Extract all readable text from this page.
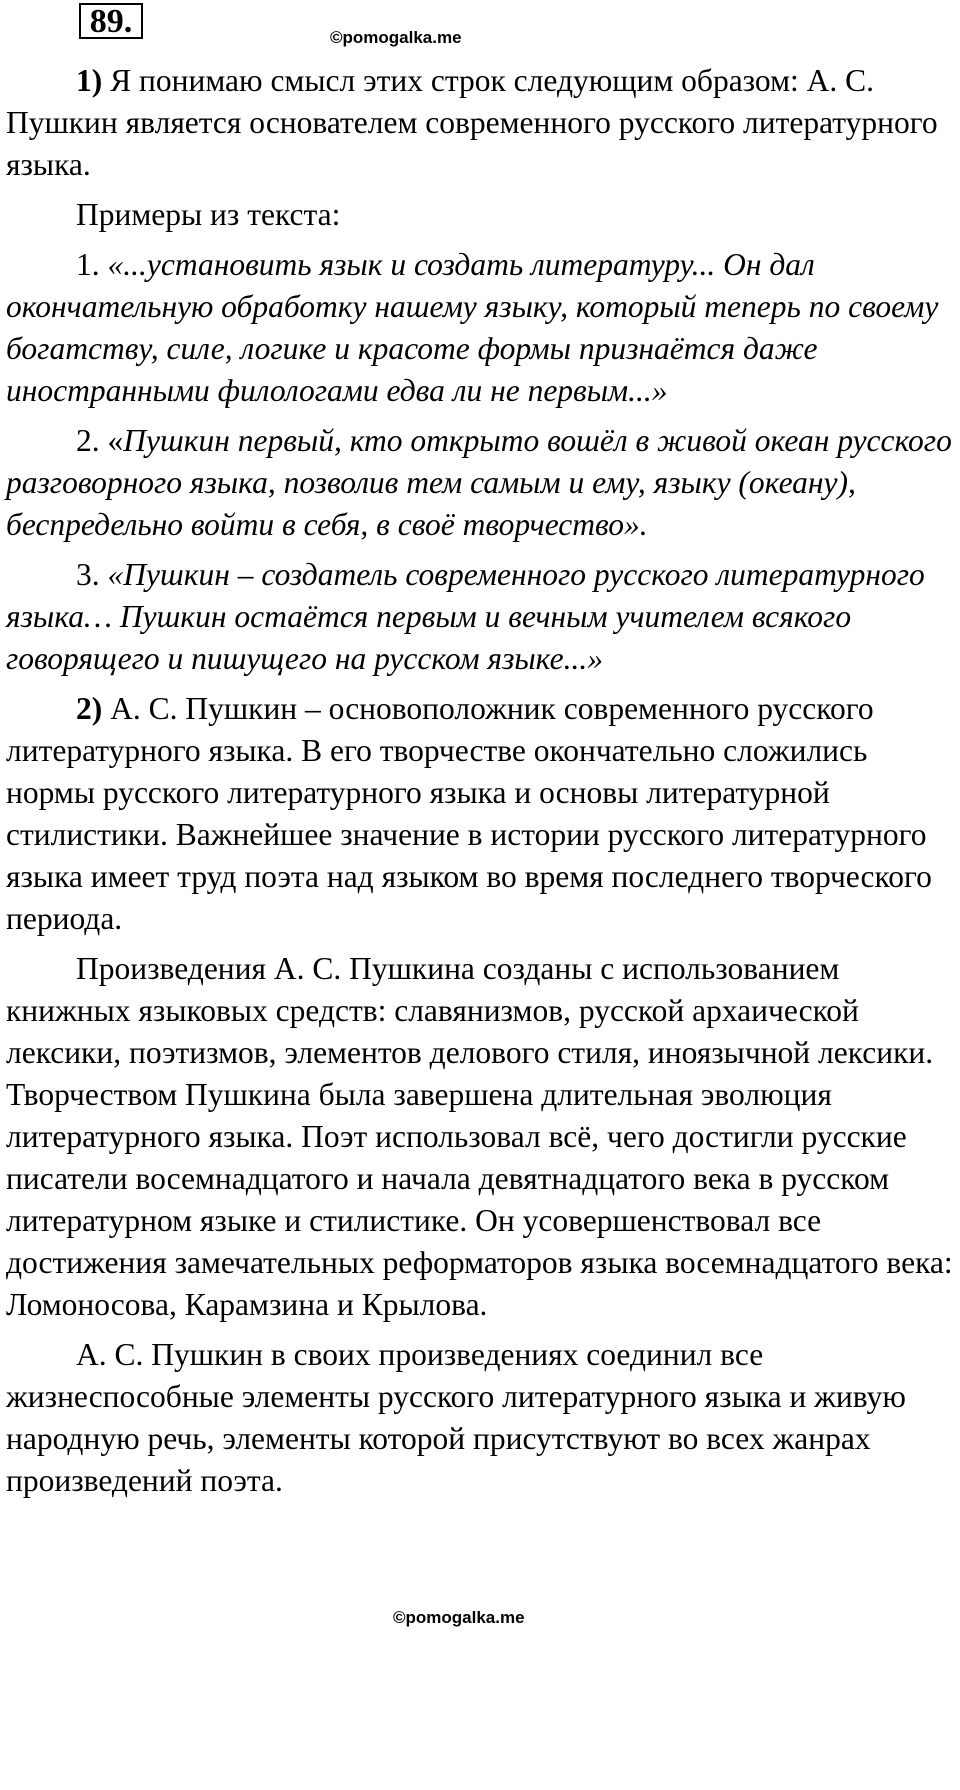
89.	©pomogalka.me

1) Я понимаю смысл этих строк следующим образом: А. С. Пушкин является основателем современного русского литературного языка.

Примеры из текста:

1. «...установить язык и создать литературу... Он дал окончательную обработку нашему языку, который теперь по своему богатству, силе, логике и красоте формы признаётся даже иностранными филологами едва ли не первым...»

2. «Пушкин первый, кто открыто вошёл в живой океан русского разговорного языка, позволив тем самым и ему, языку (океану), беспредельно войти в себя, в своё творчество».

3. «Пушкин – создатель современного русского литературного языка… Пушкин остаётся первым и вечным учителем всякого говорящего и пишущего на русском языке...»

2) А. С. Пушкин – основоположник современного русского литературного языка. В его творчестве окончательно сложились нормы русского литературного языка и основы литературной стилистики. Важнейшее значение в истории русского литературного языка имеет труд поэта над языком во время последнего творческого периода.

Произведения А. С. Пушкина созданы с использованием книжных языковых средств: славянизмов, русской архаической лексики, поэтизмов, элементов делового стиля, иноязычной лексики. Творчеством Пушкина была завершена длительная эволюция литературного языка. Поэт использовал всё, чего достигли русские писатели восемнадцатого и начала девятнадцатого века в русском литературном языке и стилистике. Он усовершенствовал все достижения замечательных реформаторов языка восемнадцатого века: Ломоносова, Карамзина и Крылова.

А. С. Пушкин в своих произведениях соединил все жизнеспособные элементы русского литературного языка и живую народную речь, элементы которой присутствуют во всех жанрах произведений поэта.

©pomogalka.me
